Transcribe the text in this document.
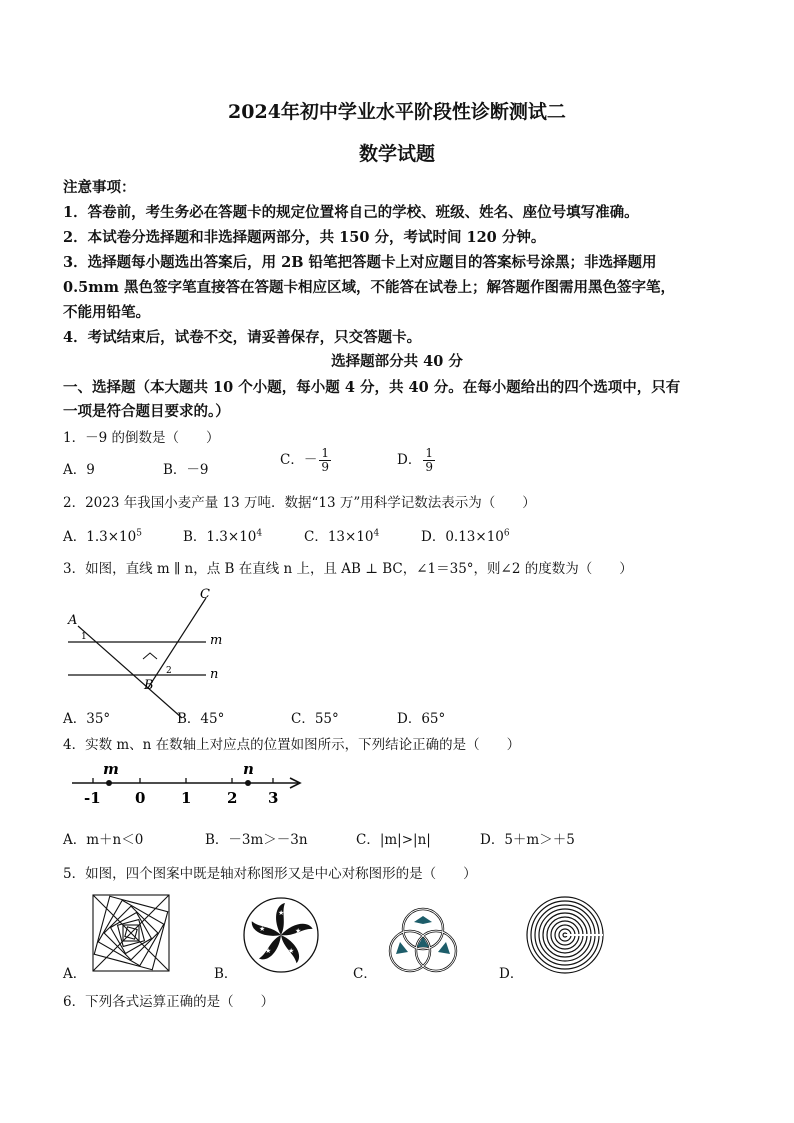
2024年初中学业水平阶段性诊断测试二
数学试题
注意事项：
1．答卷前，考生务必在答题卡的规定位置将自己的学校、班级、姓名、座位号填写准确。
2．本试卷分选择题和非选择题两部分，共 150 分，考试时间 120 分钟。
3．选择题每小题选出答案后，用 2B 铅笔把答题卡上对应题目的答案标号涂黑；非选择题用
0.5mm 黑色签字笔直接答在答题卡相应区域，不能答在试卷上；解答题作图需用黑色签字笔，
不能用铅笔。
4．考试结束后，试卷不交，请妥善保存，只交答题卡。
选择题部分共 40 分
一、选择题（本大题共 10 个小题，每小题 4 分，共 40 分。在每小题给出的四个选项中，只有
一项是符合题目要求的。）
1．－9 的倒数是（　　）
A．9	B．－9
C．－ $\frac{1}{9}$	D． $\frac{1}{9}$
2．2023 年我国小麦产量 13 万吨．数据“13 万”用科学记数法表示为（　　）
A．$1.3\times 10^5$	B．$1.3\times 10^4$	C．$13\times 10^4$	D．$0.13\times 10^6$
3．如图，直线 m ∥ n，点 B 在直线 n 上，且 AB ⊥ BC，∠1＝35°，则∠2 的度数为（　　）
A
C
B
m
n
1
2
A．35°	B．45°	C．55°	D．65°
4．实数 m、n 在数轴上对应点的位置如图所示，下列结论正确的是（　　）
m	n
-1 0 1 2 3
A．m＋n＜0	B．－3m＞－3n	C．|m|>|n|	D．5＋m＞＋5
5．如图，四个图案中既是轴对称图形又是中心对称图形的是（　　）
A．
★
★
★
★
★
B．	C．	D．
6．下列各式运算正确的是（　　）
